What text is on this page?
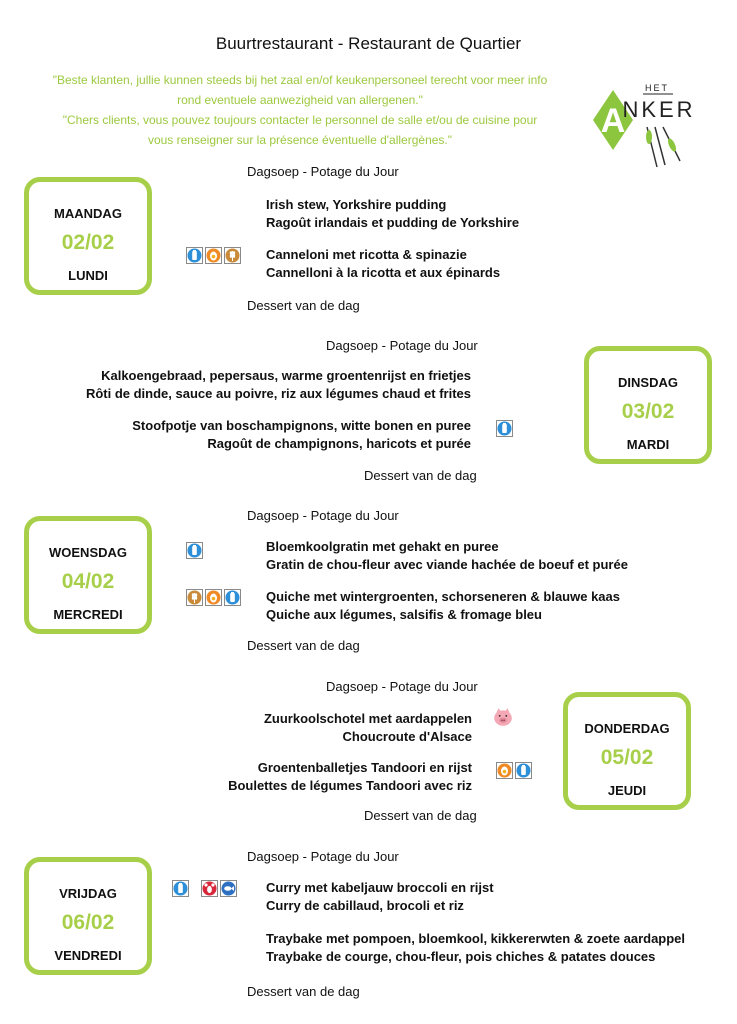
Buurtrestaurant - Restaurant de Quartier
"Beste klanten, jullie kunnen steeds bij het zaal en/of keukenpersoneel terecht voor meer info
rond eventuele aanwezigheid van allergenen."
"Chers clients, vous pouvez toujours contacter le personnel de salle et/ou de cuisine pour
vous renseigner sur la présence éventuelle d'allergènes."	A
HET
NKER
Dagsoep - Potage du Jour
MAANDAG
02/02
LUNDI
Irish stew, Yorkshire pudding
Ragoût irlandais et pudding de Yorkshire
Canneloni met ricotta & spinazie
Cannelloni à la ricotta et aux épinards
Dessert van de dag
Dagsoep - Potage du Jour
DINSDAG
03/02
MARDI
Kalkoengebraad, pepersaus, warme groentenrijst en frietjes
Rôti de dinde, sauce au poivre, riz aux légumes chaud et frites
Stoofpotje van boschampignons, witte bonen en puree
Ragoût de champignons, haricots et purée
Dessert van de dag
Dagsoep - Potage du Jour
WOENSDAG
04/02
MERCREDI
Bloemkoolgratin met gehakt en puree
Gratin de chou-fleur avec viande hachée de boeuf et purée
Quiche met wintergroenten, schorseneren & blauwe kaas
Quiche aux légumes, salsifis & fromage bleu
Dessert van de dag
Dagsoep - Potage du Jour
DONDERDAG
05/02
JEUDI
Zuurkoolschotel met aardappelen
Choucroute d'Alsace
Groentenballetjes Tandoori en rijst
Boulettes de légumes Tandoori avec riz
Dessert van de dag
Dagsoep - Potage du Jour
VRIJDAG
06/02
VENDREDI
Curry met kabeljauw broccoli en rijst
Curry de cabillaud, brocoli et riz
Traybake met pompoen, bloemkool, kikkererwten & zoete aardappel
Traybake de courge, chou-fleur, pois chiches & patates douces
Dessert van de dag
